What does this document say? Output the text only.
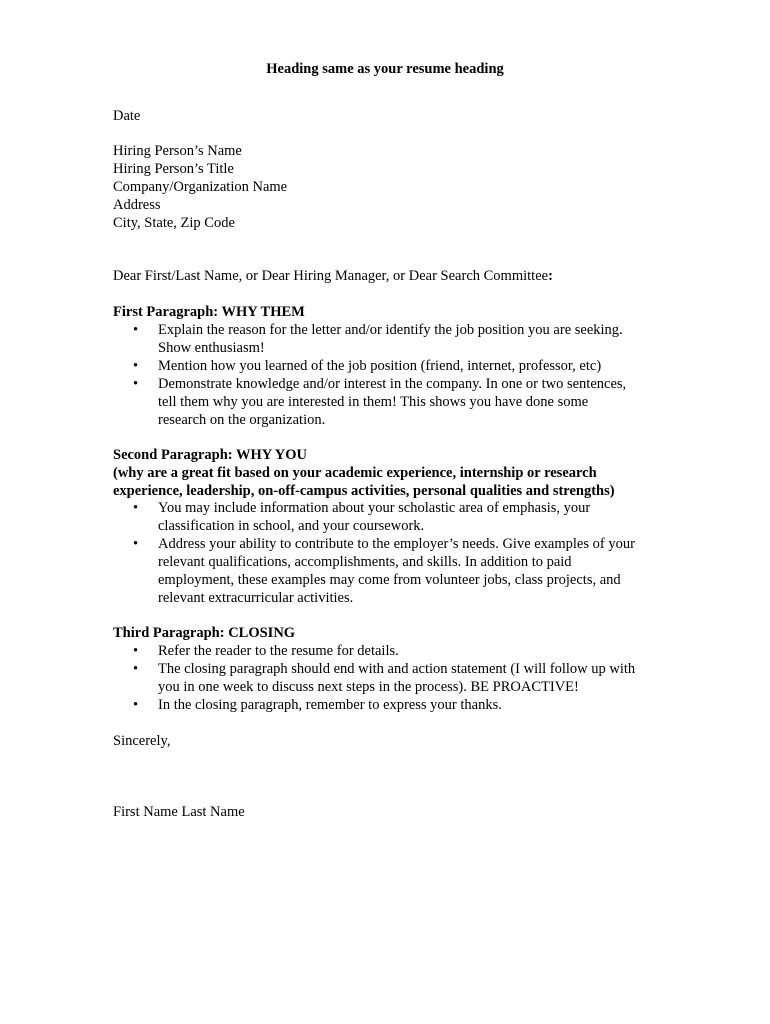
Heading same as your resume heading
Date
Hiring Person’s Name
Hiring Person’s Title
Company/Organization Name
Address
City, State, Zip Code
Dear First/Last Name, or Dear Hiring Manager, or Dear Search Committee:
First Paragraph: WHY THEM
• Explain the reason for the letter and/or identify the job position you are seeking.
Show enthusiasm!
• Mention how you learned of the job position (friend, internet, professor, etc)
• Demonstrate knowledge and/or interest in the company. In one or two sentences,
tell them why you are interested in them! This shows you have done some
research on the organization.
Second Paragraph: WHY YOU
(why are a great fit based on your academic experience, internship or research
experience, leadership, on-off-campus activities, personal qualities and strengths)
• You may include information about your scholastic area of emphasis, your
classification in school, and your coursework.
• Address your ability to contribute to the employer’s needs. Give examples of your
relevant qualifications, accomplishments, and skills. In addition to paid
employment, these examples may come from volunteer jobs, class projects, and
relevant extracurricular activities.
Third Paragraph: CLOSING
• Refer the reader to the resume for details.
• The closing paragraph should end with and action statement (I will follow up with
you in one week to discuss next steps in the process). BE PROACTIVE!
• In the closing paragraph, remember to express your thanks.
Sincerely,
First Name Last Name
